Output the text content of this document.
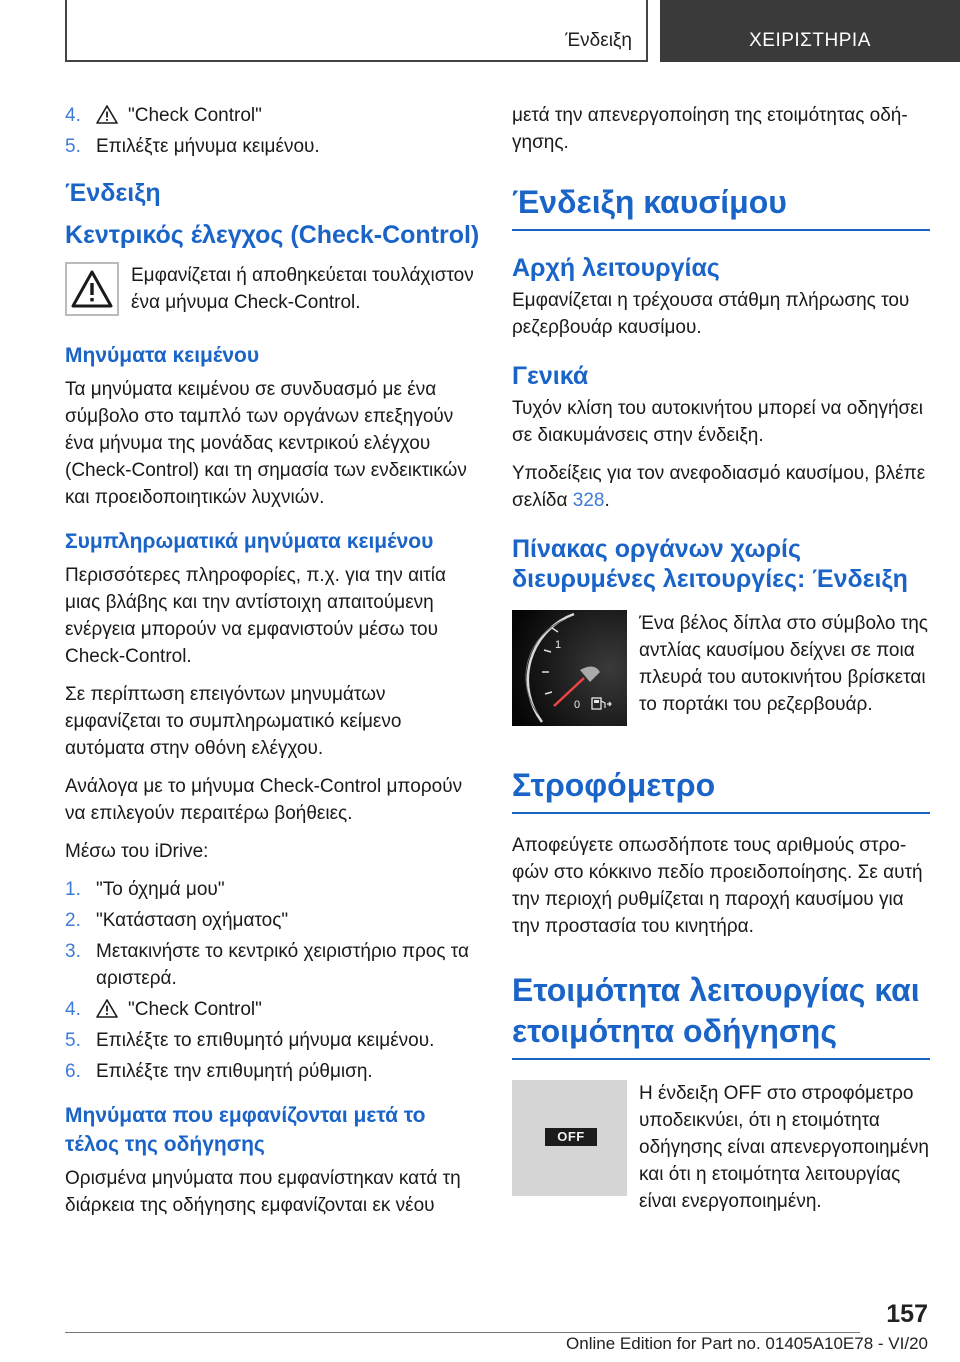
Ένδειξη	ΧΕΙΡΙΣΤΗΡΙΑ
4. "Check Control"
5. Επιλέξτε μήνυμα κειμένου.
Ένδειξη
Κεντρικός έλεγχος (Check-Control)

Εμφανίζεται ή αποθηκεύεται τουλάχιστον ένα μήνυμα Check-Control.

Μηνύματα κειμένου

Τα μηνύματα κειμένου σε συνδυασμό με ένα σύμβολο στο ταμπλό των οργάνων επεξηγούν ένα μήνυμα της μονάδας κεντρικού ελέγχου (Check-Control) και τη σημασία των ενδεικτικών και προειδοποιητικών λυχνιών.

Συμπληρωματικά μηνύματα κειμένου

Περισσότερες πληροφορίες, π.χ. για την αιτία μιας βλάβης και την αντίστοιχη απαιτούμενη ενέργεια μπορούν να εμφανιστούν μέσω του Check-Control.

Σε περίπτωση επειγόντων μηνυμάτων εμφανίζεται το συμπληρωματικό κείμενο αυτόματα στην οθόνη ελέγχου.

Ανάλογα με το μήνυμα Check-Control μπορούν να επιλεγούν περαιτέρω βοήθειες.

Μέσω του iDrive:

1. "Το όχημά μου"
2. "Κατάσταση οχήματος"
3. Μετακινήστε το κεντρικό χειριστήριο προς τα αριστερά.
4. "Check Control"
5. Επιλέξτε το επιθυμητό μήνυμα κειμένου.
6. Επιλέξτε την επιθυμητή ρύθμιση.
Μηνύματα που εμφανίζονται μετά το τέλος της οδήγησης

Ορισμένα μηνύματα που εμφανίστηκαν κατά τη διάρκεια της οδήγησης εμφανίζονται εκ νέου

μετά την απενεργοποίηση της ετοιμότητας οδήγησης.

Ένδειξη καυσίμου
Αρχή λειτουργίας

Εμφανίζεται η τρέχουσα στάθμη πλήρωσης του ρεζερβουάρ καυσίμου.

Γενικά

Τυχόν κλίση του αυτοκινήτου μπορεί να οδηγήσει σε διακυμάνσεις στην ένδειξη.

Υποδείξεις για τον ανεφοδιασμό καυσίμου, βλέπε σελίδα 328.

Πίνακας οργάνων χωρίς διευρυμένες λειτουργίες: Ένδειξη
1
0

Ένα βέλος δίπλα στο σύμβολο της αντλίας καυσίμου δείχνει σε ποια πλευρά του αυτοκινήτου βρίσκεται το πορτάκι του ρεζερβουάρ.

Στροφόμετρο

Αποφεύγετε οπωσδήποτε τους αριθμούς στροφών στο κόκκινο πεδίο προειδοποίησης. Σε αυτή την περιοχή ρυθμίζεται η παροχή καυσίμου για την προστασία του κινητήρα.

Ετοιμότητα λειτουργίας και ετοιμότητα οδήγησης
OFF

Η ένδειξη OFF στο στροφόμετρο υποδεικνύει, ότι η ετοιμότητα οδήγησης είναι απενεργοποιημένη και ότι η ετοιμότητα λειτουργίας είναι ενεργοποιημένη.

157
Online Edition for Part no. 01405A10E78 - VI/20
